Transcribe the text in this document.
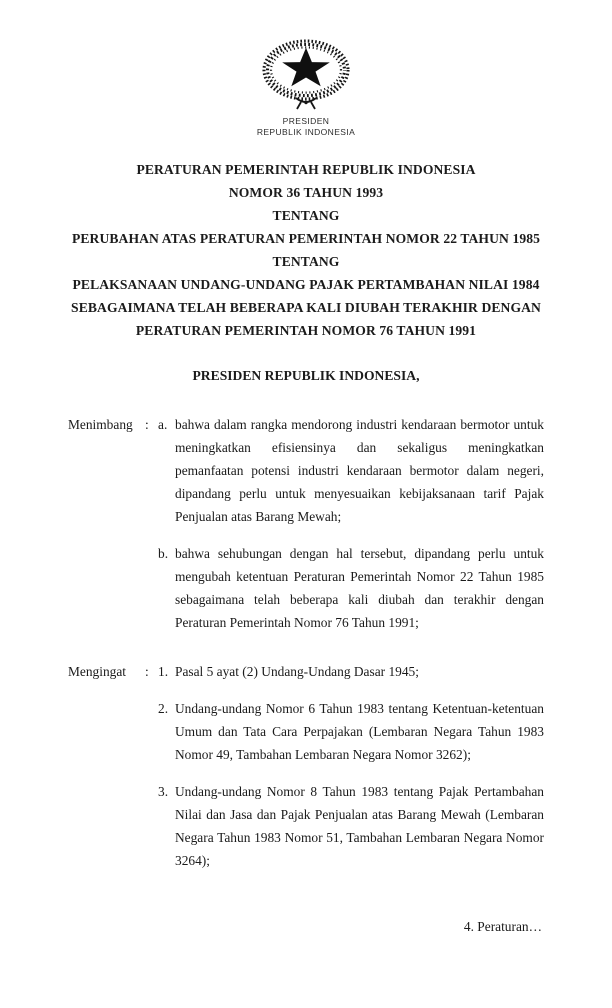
PRESIDEN
REPUBLIK INDONESIA
PERATURAN PEMERINTAH REPUBLIK INDONESIA
NOMOR 36 TAHUN 1993
TENTANG
PERUBAHAN ATAS PERATURAN PEMERINTAH NOMOR 22 TAHUN 1985
TENTANG
PELAKSANAAN UNDANG-UNDANG PAJAK PERTAMBAHAN NILAI 1984
SEBAGAIMANA TELAH BEBERAPA KALI DIUBAH TERAKHIR DENGAN
PERATURAN PEMERINTAH NOMOR 76 TAHUN 1991
PRESIDEN REPUBLIK INDONESIA,
Menimbang : a. bahwa dalam rangka mendorong industri kendaraan bermotor untuk meningkatkan efisiensinya dan sekaligus meningkatkan pemanfaatan potensi industri kendaraan bermotor dalam negeri, dipandang perlu untuk menyesuaikan kebijaksanaan tarif Pajak Penjualan atas Barang Mewah;
b. bahwa sehubungan dengan hal tersebut, dipandang perlu untuk mengubah ketentuan Peraturan Pemerintah Nomor 22 Tahun 1985 sebagaimana telah beberapa kali diubah dan terakhir dengan Peraturan Pemerintah Nomor 76 Tahun 1991;
Mengingat	: 1. Pasal 5 ayat (2) Undang-Undang Dasar 1945;
2. Undang-undang Nomor 6 Tahun 1983 tentang Ketentuan-ketentuan Umum dan Tata Cara Perpajakan (Lembaran Negara Tahun 1983 Nomor 49, Tambahan Lembaran Negara Nomor 3262);
3. Undang-undang Nomor 8 Tahun 1983 tentang Pajak Pertambahan Nilai dan Jasa dan Pajak Penjualan atas Barang Mewah (Lembaran Negara Tahun 1983 Nomor 51, Tambahan Lembaran Negara Nomor 3264);
4. Peraturan…
